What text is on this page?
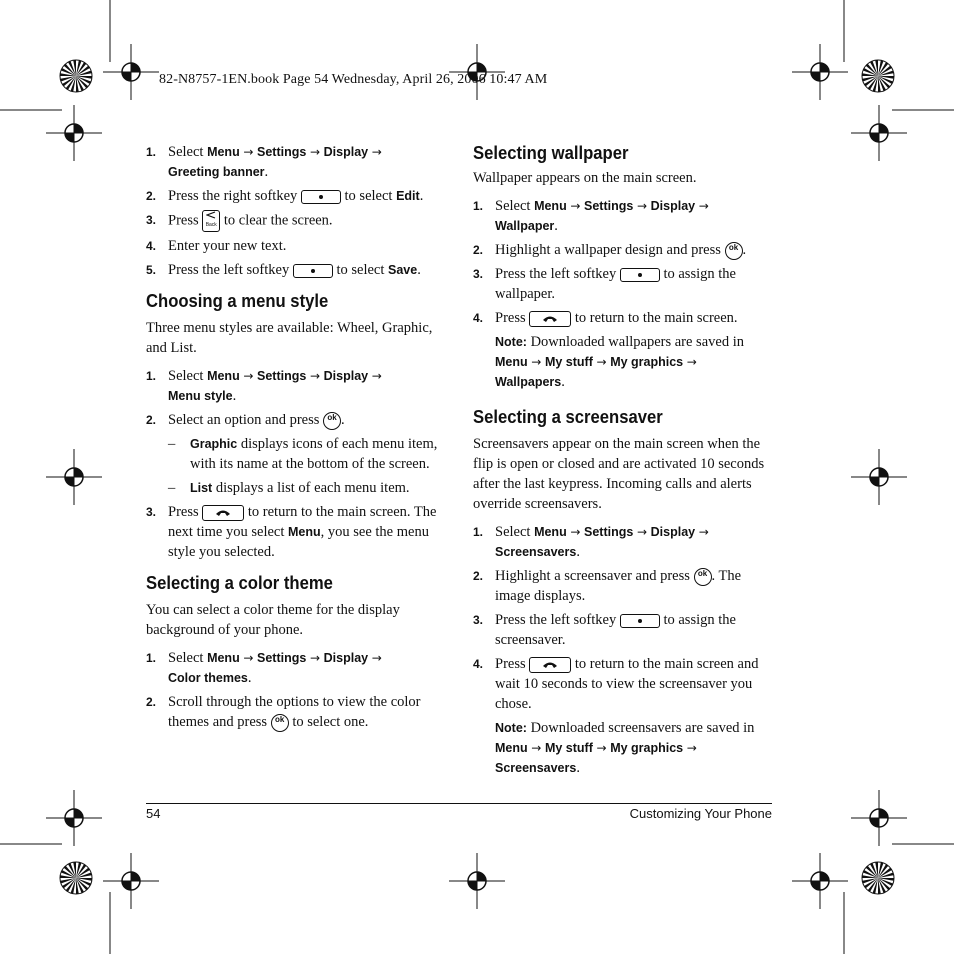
82-N8757-1EN.book Page 54 Wednesday, April 26, 2006 10:47 AM
1. Select Menu → Settings → Display →
Greeting banner.
2. Press the right softkey	to select Edit.
3. Press Back to clear the screen.
4. Enter your new text.
5. Press the left softkey	to select Save.
Choosing a menu style

Three menu styles are available: Wheel, Graphic, and List.

1. Select Menu → Settings → Display →
Menu style.
2. Select an option and press ok .
– Graphic displays icons of each menu item, with its name at the bottom of the screen.
– List displays a list of each menu item.
3. Press	to return to the main screen. The next time you select Menu, you see the menu style you selected.
Selecting a color theme

You can select a color theme for the display background of your phone.

1. Select Menu → Settings → Display →
Color themes.
2. Scroll through the options to view the color themes and press ok to select one.
Selecting wallpaper

Wallpaper appears on the main screen.

1. Select Menu → Settings → Display →
Wallpaper.
2. Highlight a wallpaper design and press ok .
3. Press the left softkey	to assign the wallpaper.
4. Press	to return to the main screen.
Note: Downloaded wallpapers are saved in Menu → My stuff → My graphics →
Wallpapers.
Selecting a screensaver

Screensavers appear on the main screen when the flip is open or closed and are activated 10 seconds after the last keypress. Incoming calls and alerts override screensavers.

1. Select Menu → Settings → Display →
Screensavers.
2. Highlight a screensaver and press ok . The image displays.
3. Press the left softkey	to assign the screensaver.
4. Press	to return to the main screen and wait 10 seconds to view the screensaver you chose.
Note: Downloaded screensavers are saved in Menu → My stuff → My graphics →
Screensavers.
54	Customizing Your Phone
